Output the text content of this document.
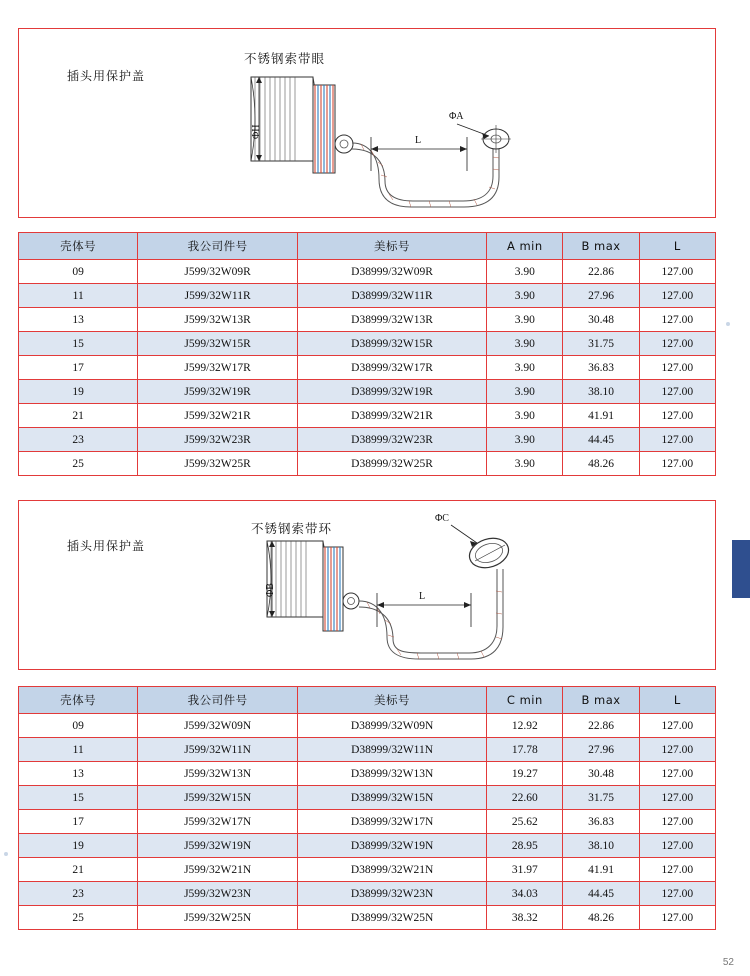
插头用保护盖
不锈钢索带眼
ΦH
ΦA
L
壳体号	我公司件号	美标号	A min	B max	L
09	J599/32W09R	D38999/32W09R	3.90	22.86	127.00
11	J599/32W11R	D38999/32W11R	3.90	27.96	127.00
13	J599/32W13R	D38999/32W13R	3.90	30.48	127.00
15	J599/32W15R	D38999/32W15R	3.90	31.75	127.00
17	J599/32W17R	D38999/32W17R	3.90	36.83	127.00
19	J599/32W19R	D38999/32W19R	3.90	38.10	127.00
21	J599/32W21R	D38999/32W21R	3.90	41.91	127.00
23	J599/32W23R	D38999/32W23R	3.90	44.45	127.00
25	J599/32W25R	D38999/32W25R	3.90	48.26	127.00
插头用保护盖
不锈钢索带环
ΦB
ΦC
L
壳体号	我公司件号	美标号	C min	B max	L
09	J599/32W09N	D38999/32W09N	12.92	22.86	127.00
11	J599/32W11N	D38999/32W11N	17.78	27.96	127.00
13	J599/32W13N	D38999/32W13N	19.27	30.48	127.00
15	J599/32W15N	D38999/32W15N	22.60	31.75	127.00
17	J599/32W17N	D38999/32W17N	25.62	36.83	127.00
19	J599/32W19N	D38999/32W19N	28.95	38.10	127.00
21	J599/32W21N	D38999/32W21N	31.97	41.91	127.00
23	J599/32W23N	D38999/32W23N	34.03	44.45	127.00
25	J599/32W25N	D38999/32W25N	38.32	48.26	127.00

52
